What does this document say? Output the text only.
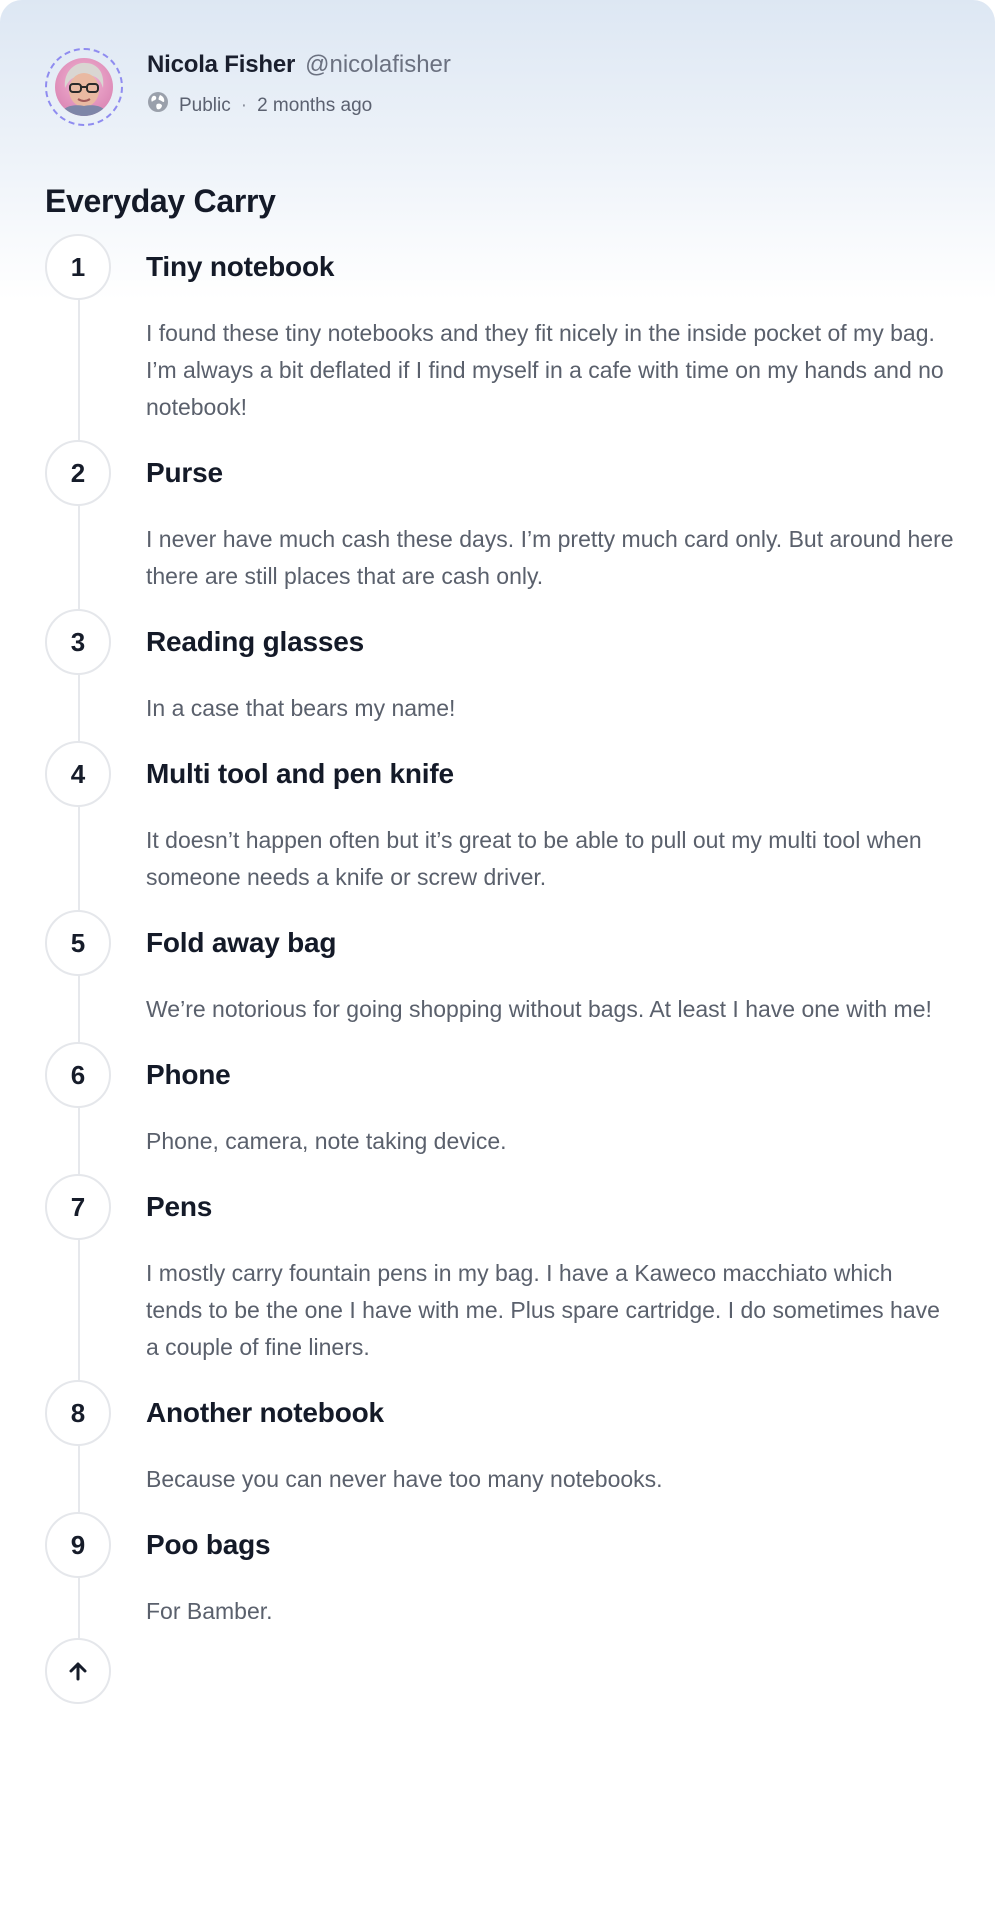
Nicola Fisher @nicolafisher
Public · 2 months ago
Everyday Carry
1	Tiny notebook

I found these tiny notebooks and they fit nicely in the inside pocket of my bag. I’m always a bit deflated if I find myself in a cafe with time on my hands and no notebook!

2	Purse

I never have much cash these days. I’m pretty much card only. But around here there are still places that are cash only.

3	Reading glasses

In a case that bears my name!

4	Multi tool and pen knife

It doesn’t happen often but it’s great to be able to pull out my multi tool when someone needs a knife or screw driver.

5	Fold away bag

We’re notorious for going shopping without bags. At least I have one with me!

6	Phone

Phone, camera, note taking device.

7	Pens

I mostly carry fountain pens in my bag. I have a Kaweco macchiato which tends to be the one I have with me. Plus spare cartridge. I do sometimes have a couple of fine liners.

8	Another notebook

Because you can never have too many notebooks.

9	Poo bags

For Bamber.
